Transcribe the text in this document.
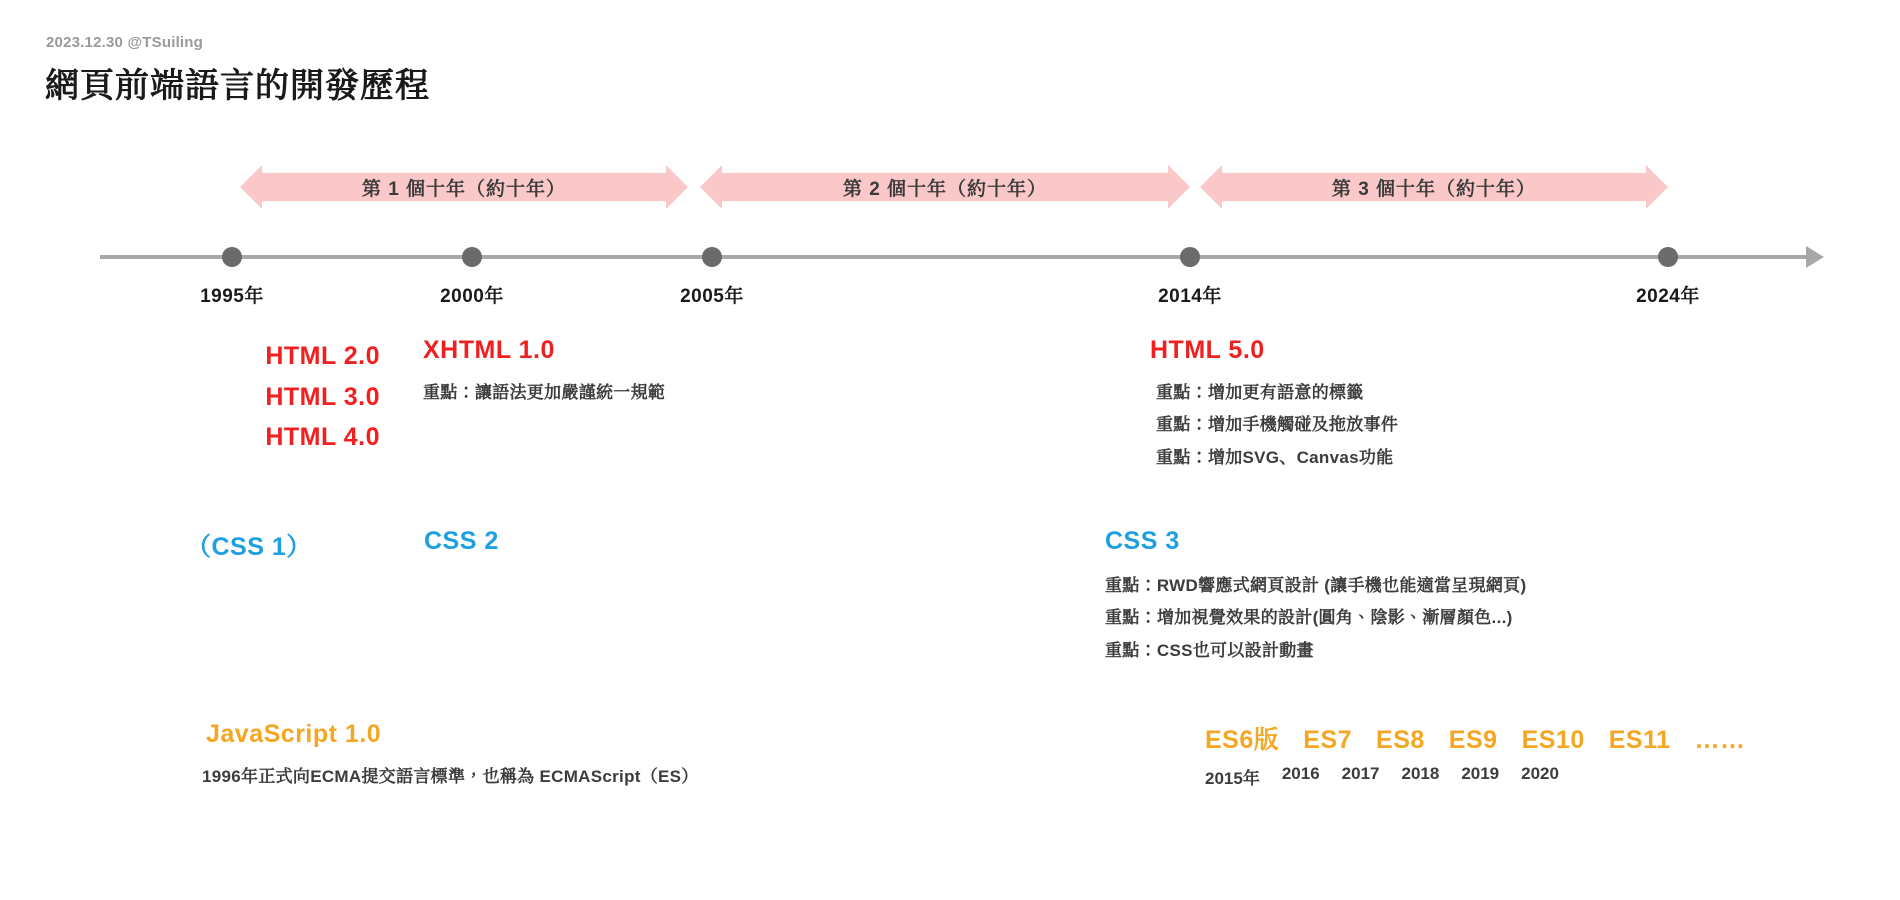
2023.12.30 @TSuiling
網頁前端語言的開發歷程
第 1 個十年（約十年）	第 2 個十年（約十年）	第 3 個十年（約十年）
1995年	2000年	2005年	2014年	2024年
HTML 2.0
HTML 3.0
HTML 4.0
XHTML 1.0
重點：讓語法更加嚴謹統一規範
HTML 5.0
重點：增加更有語意的標籤
重點：增加手機觸碰及拖放事件
重點：增加SVG、Canvas功能
（CSS 1）	CSS 2	CSS 3
重點：RWD響應式網頁設計 (讓手機也能適當呈現網頁)
重點：增加視覺效果的設計(圓角、陰影、漸層顏色...)
重點：CSS也可以設計動畫
JavaScript 1.0
1996年正式向ECMA提交語言標準，也稱為 ECMAScript（ES）
ES6版 ES7 ES8 ES9 ES10 ES11 ……
2015年 2016 2017 2018 2019 2020
